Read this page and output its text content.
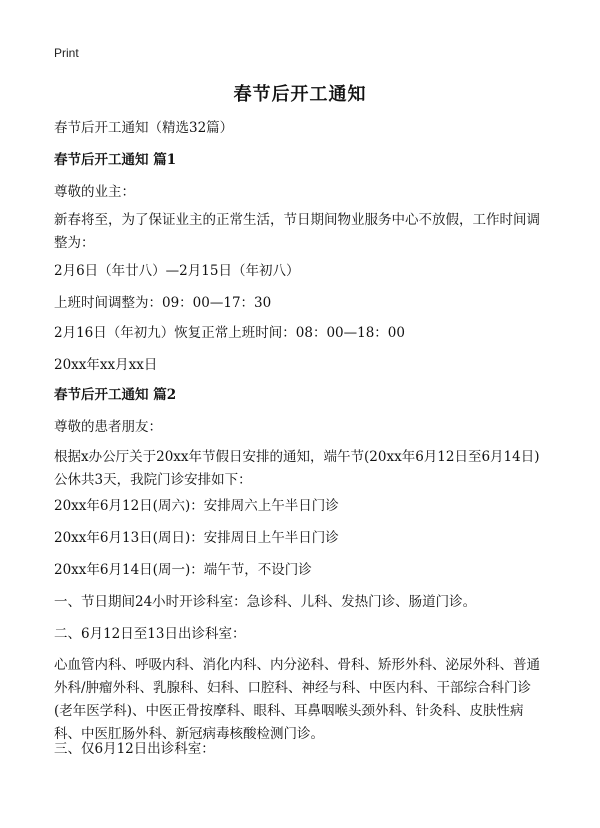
Print
春节后开工通知
春节后开工通知（精选32篇）
春节后开工通知 篇1
尊敬的业主：
新春将至，为了保证业主的正常生活，节日期间物业服务中心不放假，工作时间调整为：
2月6日（年廿八）—2月15日（年初八）
上班时间调整为：09：00—17：30
2月16日（年初九）恢复正常上班时间：08：00—18：00
20xx年xx月xx日
春节后开工通知 篇2
尊敬的患者朋友：
根据x办公厅关于20xx年节假日安排的通知，端午节(20xx年6月12日至6月14日)公休共3天，我院门诊安排如下：
20xx年6月12日(周六)：安排周六上午半日门诊
20xx年6月13日(周日)：安排周日上午半日门诊
20xx年6月14日(周一)：端午节，不设门诊
一、节日期间24小时开诊科室：急诊科、儿科、发热门诊、肠道门诊。
二、6月12日至13日出诊科室：
心血管内科、呼吸内科、消化内科、内分泌科、骨科、矫形外科、泌尿外科、普通外科/肿瘤外科、乳腺科、妇科、口腔科、神经与科、中医内科、干部综合科门诊(老年医学科)、中医正骨按摩科、眼科、耳鼻咽喉头颈外科、针灸科、皮肤性病科、中医肛肠外科、新冠病毒核酸检测门诊。
三、仅6月12日出诊科室：
